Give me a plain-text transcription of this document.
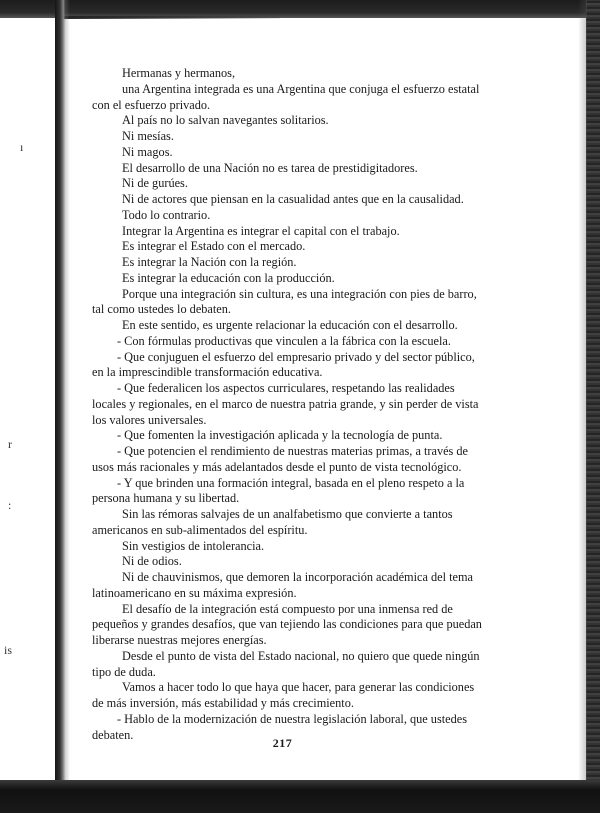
ı
r
:
is

Hermanas y hermanos,

una Argentina integrada es una Argentina que conjuga el esfuerzo estatal

con el esfuerzo privado.

Al país no lo salvan navegantes solitarios.

Ni mesías.

Ni magos.

El desarrollo de una Nación no es tarea de prestidigitadores.

Ni de gurúes.

Ni de actores que piensan en la casualidad antes que en la causalidad.

Todo lo contrario.

Integrar la Argentina es integrar el capital con el trabajo.

Es integrar el Estado con el mercado.

Es integrar la Nación con la región.

Es integrar la educación con la producción.

Porque una integración sin cultura, es una integración con pies de barro,

tal como ustedes lo debaten.

En este sentido, es urgente relacionar la educación con el desarrollo.

- Con fórmulas productivas que vinculen a la fábrica con la escuela.

- Que conjuguen el esfuerzo del empresario privado y del sector público,

en la imprescindible transformación educativa.

- Que federalicen los aspectos curriculares, respetando las realidades

locales y regionales, en el marco de nuestra patria grande, y sin perder de vista

los valores universales.

- Que fomenten la investigación aplicada y la tecnología de punta.

- Que potencien el rendimiento de nuestras materias primas, a través de

usos más racionales y más adelantados desde el punto de vista tecnológico.

- Y que brinden una formación integral, basada en el pleno respeto a la

persona humana y su libertad.

Sin las rémoras salvajes de un analfabetismo que convierte a tantos

americanos en sub-alimentados del espíritu.

Sin vestigios de intolerancia.

Ni de odios.

Ni de chauvinismos, que demoren la incorporación académica del tema

latinoamericano en su máxima expresión.

El desafío de la integración está compuesto por una inmensa red de

pequeños y grandes desafíos, que van tejiendo las condiciones para que puedan

liberarse nuestras mejores energías.

Desde el punto de vista del Estado nacional, no quiero que quede ningún

tipo de duda.

Vamos a hacer todo lo que haya que hacer, para generar las condiciones

de más inversión, más estabilidad y más crecimiento.

- Hablo de la modernización de nuestra legislación laboral, que ustedes

debaten.

217
